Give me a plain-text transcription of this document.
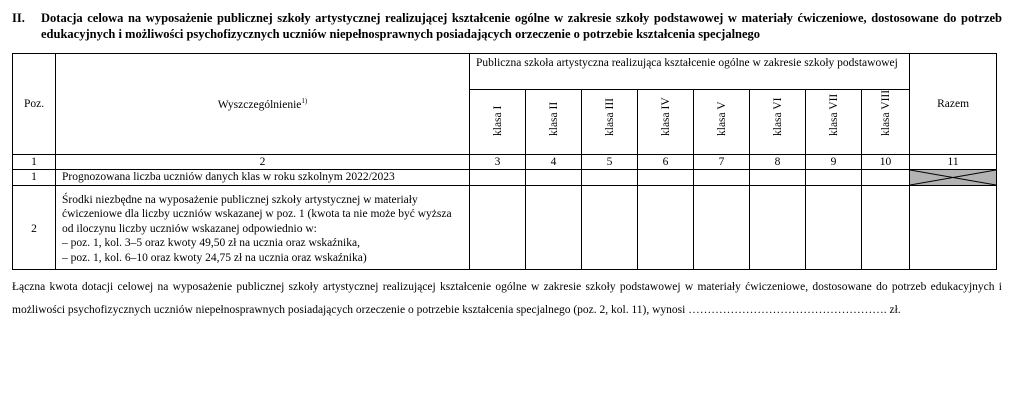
II.	Dotacja celowa na wyposażenie publicznej szkoły artystycznej realizującej kształcenie ogólne w zakresie szkoły podstawowej w materiały ćwiczeniowe, dostosowane do potrzeb edukacyjnych i możliwości psychofizycznych uczniów niepełnosprawnych posiadających orzeczenie o potrzebie kształcenia specjalnego
Poz.	Wyszczególnienie$^{1)}$	Publiczna szkoła artystyczna realizująca kształcenie ogólne w zakresie szkoły podstawowej								Razem

		klasa I	klasa II	klasa III	klasa IV	klasa V	klasa VI	klasa VII	klasa VIII	

1	2	3	4	5	6	7	8	9	10	11
1	Prognozowana liczba uczniów danych klas w roku szkolnym 2022/2023									

2	Środki niezbędne na wyposażenie publicznej szkoły artystycznej w materiały
ćwiczeniowe dla liczby uczniów wskazanej w poz. 1 (kwota ta nie może być wyższa
od iloczynu liczby uczniów wskazanej odpowiednio w:
– poz. 1, kol. 3–5 oraz kwoty 49,50 zł na ucznia oraz wskaźnika,
– poz. 1, kol. 6–10 oraz kwoty 24,75 zł na ucznia oraz wskaźnika)									

Łączna kwota dotacji celowej na wyposażenie publicznej szkoły artystycznej realizującej kształcenie ogólne w zakresie szkoły podstawowej w materiały ćwiczeniowe, dostosowane do potrzeb edukacyjnych i możliwości psychofizycznych uczniów niepełnosprawnych posiadających orzeczenie o potrzebie kształcenia specjalnego (poz. 2, kol. 11), wynosi ……………………………………………. zł.
